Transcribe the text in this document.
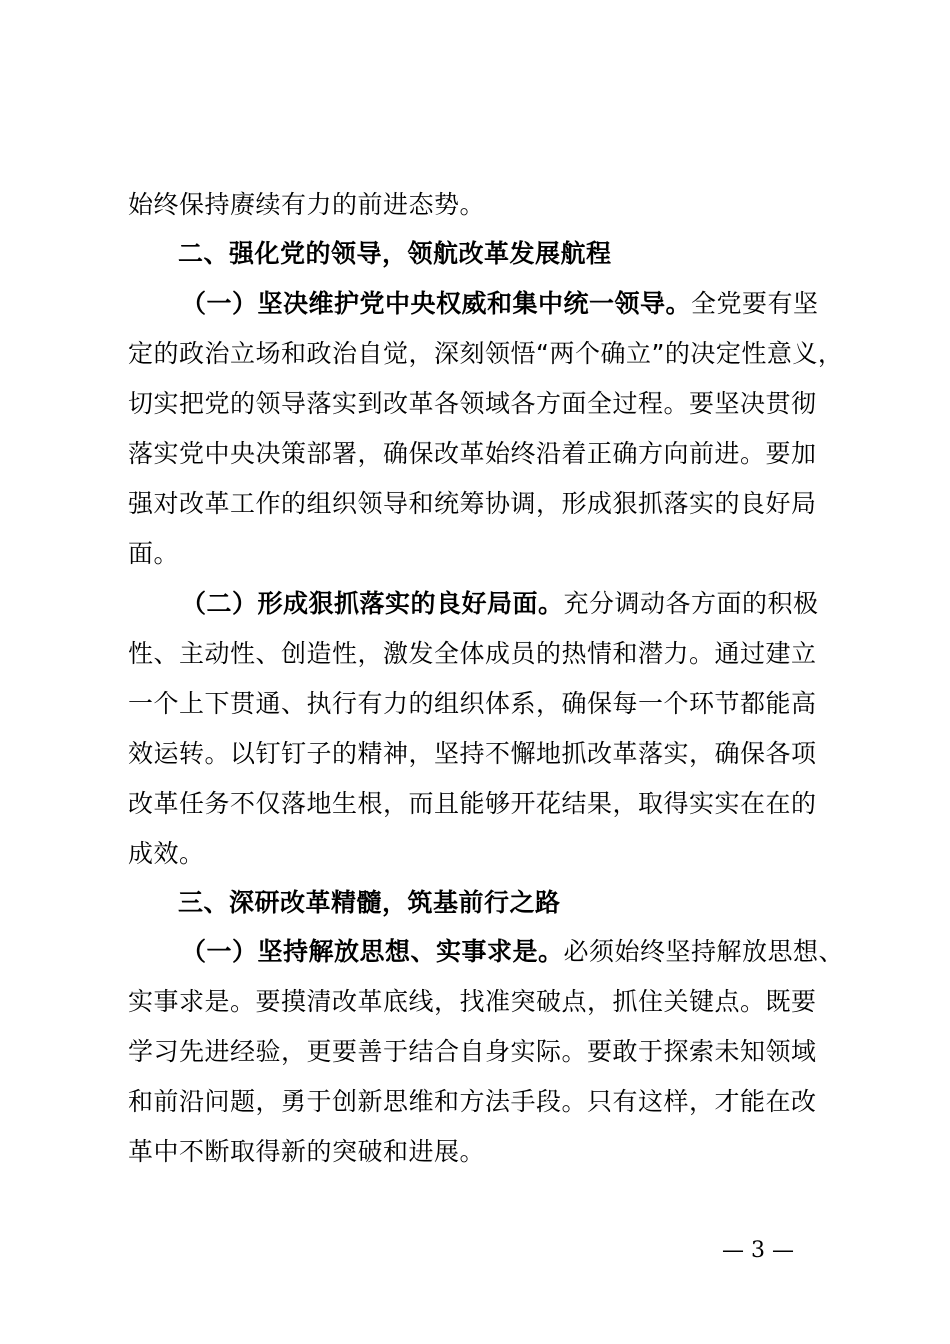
始终保持赓续有力的前进态势。
二、强化党的领导，领航改革发展航程
（一）坚决维护党中央权威和集中统一领导。全党要有坚
定的政治立场和政治自觉，深刻领悟“两个确立”的决定性意义，
切实把党的领导落实到改革各领域各方面全过程。要坚决贯彻
落实党中央决策部署，确保改革始终沿着正确方向前进。要加
强对改革工作的组织领导和统筹协调，形成狠抓落实的良好局
面。
（二）形成狠抓落实的良好局面。充分调动各方面的积极
性、主动性、创造性，激发全体成员的热情和潜力。通过建立
一个上下贯通、执行有力的组织体系，确保每一个环节都能高
效运转。以钉钉子的精神，坚持不懈地抓改革落实，确保各项
改革任务不仅落地生根，而且能够开花结果，取得实实在在的
成效。
三、深研改革精髓，筑基前行之路
（一）坚持解放思想、实事求是。必须始终坚持解放思想、
实事求是。要摸清改革底线，找准突破点，抓住关键点。既要
学习先进经验，更要善于结合自身实际。要敢于探索未知领域
和前沿问题，勇于创新思维和方法手段。只有这样，才能在改
革中不断取得新的突破和进展。
— 3 —
